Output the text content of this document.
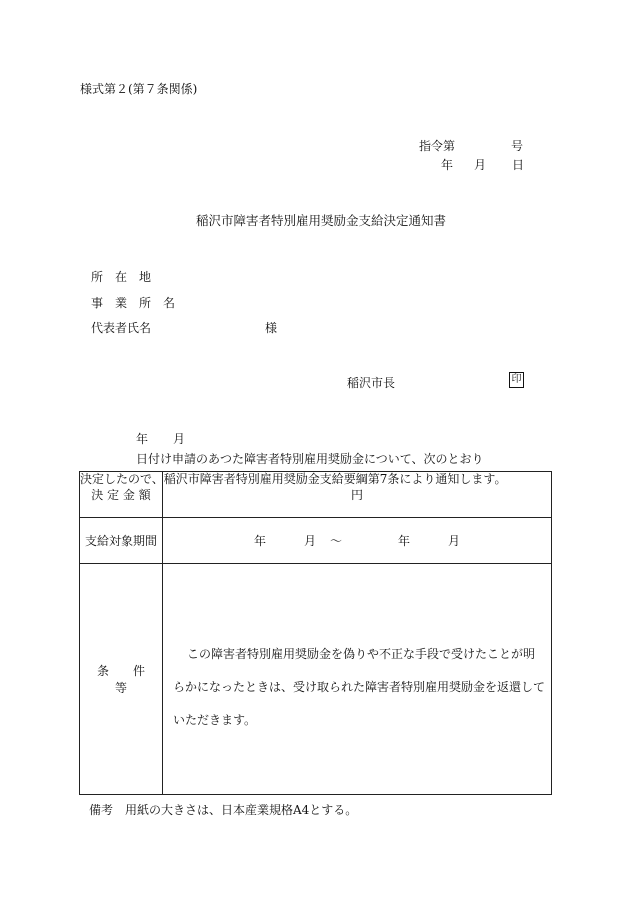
様式第２(第７条関係)
指令第	号
年 月 日
稲沢市障害者特別雇用奨励金支給決定通知書
所　在　地
事　業　所　名
代表者氏名	様
稲沢市長	印
年 月日付け申請のあつた障害者特別雇用奨励金について、次のとおり
決定したので、稲沢市障害者特別雇用奨励金支給要綱第7条により通知します。
決 定 金 額	円
支給対象期間	年 月 ～ 年 月
条　　件　　等	この障害者特別雇用奨励金を偽りや不正な手段で受けたことが明らかになったときは、受け取られた障害者特別雇用奨励金を返還していただきます。
備考　用紙の大きさは、日本産業規格A4とする。
